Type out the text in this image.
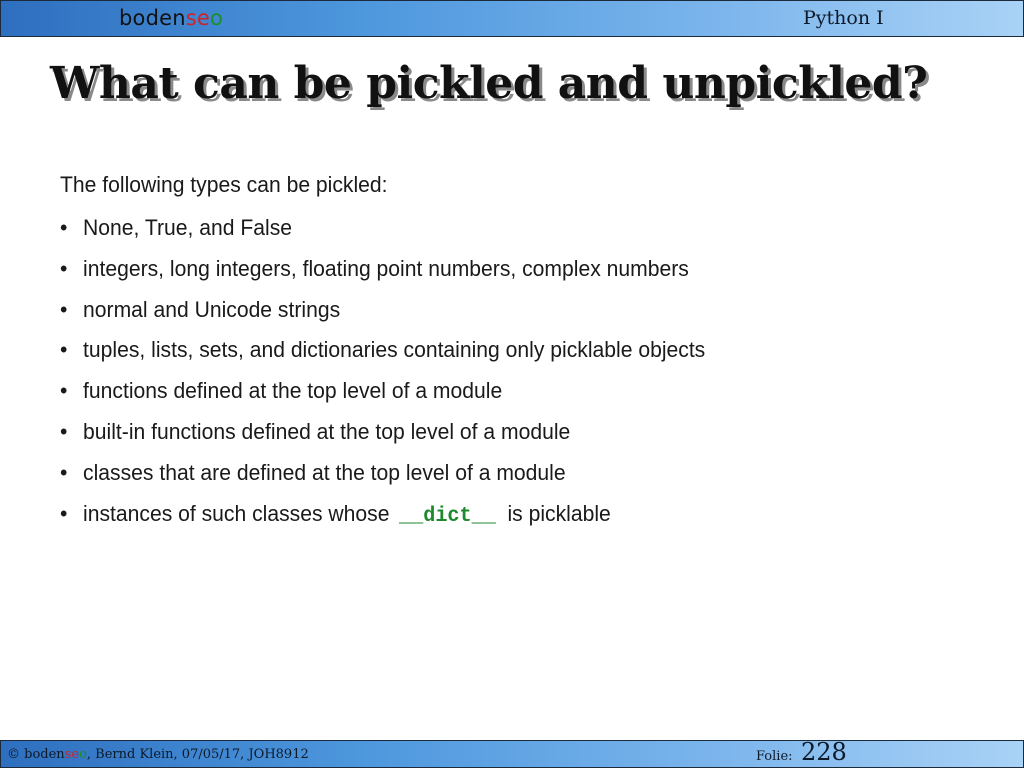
bodenseo	Python I
What can be pickled and unpickled?

The following types can be pickled:

• None, True, and False
• integers, long integers, floating point numbers, complex numbers
• normal and Unicode strings
• tuples, lists, sets, and dictionaries containing only picklable objects
• functions defined at the top level of a module
• built-in functions defined at the top level of a module
• classes that are defined at the top level of a module
• instances of such classes whose __dict__ is picklable
© bodenseo, Bernd Klein, 07/05/17, JOH8912	Folie: 228
